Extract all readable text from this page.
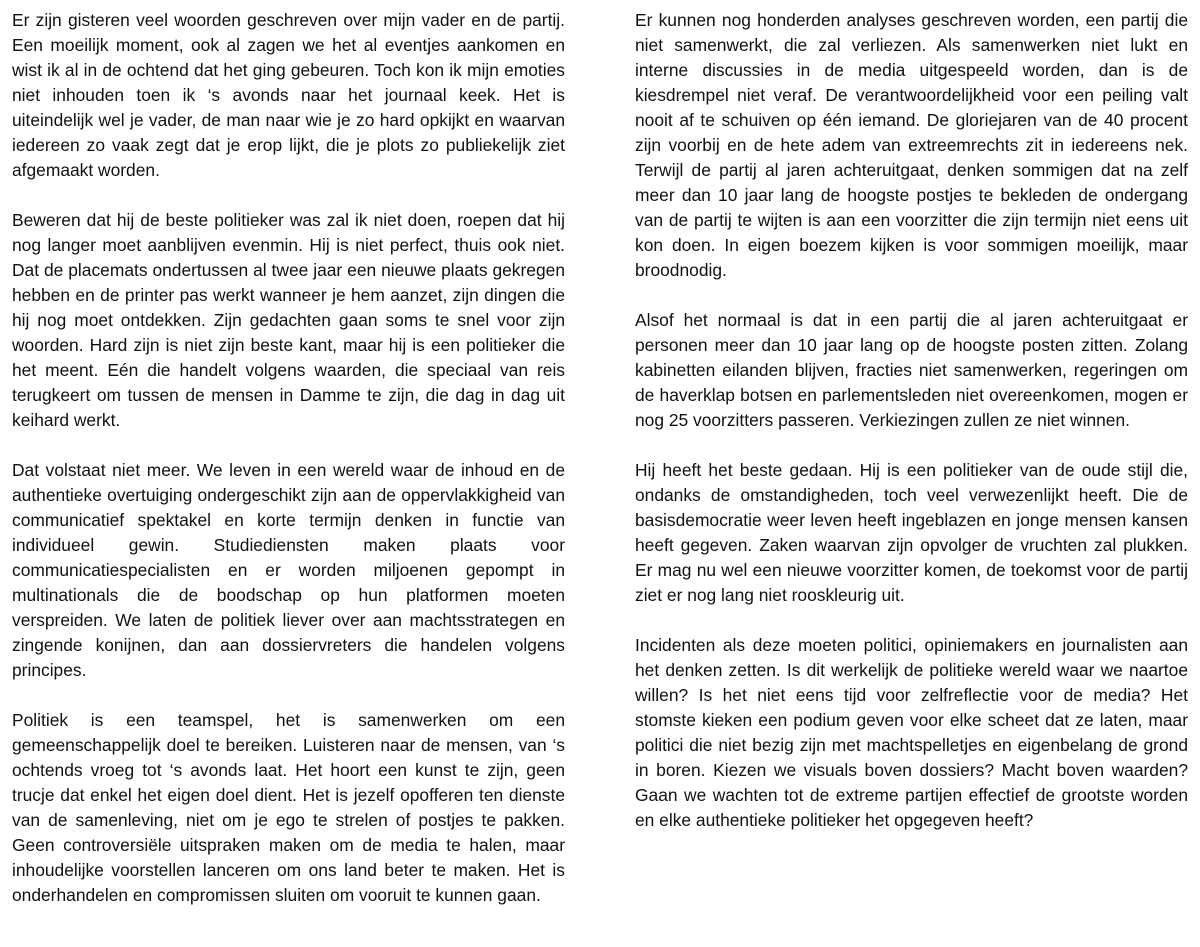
Er zijn gisteren veel woorden geschreven over mijn vader en de partij. Een moeilijk moment, ook al zagen we het al eventjes aankomen en wist ik al in de ochtend dat het ging gebeuren. Toch kon ik mijn emoties niet inhouden toen ik ‘s avonds naar het journaal keek. Het is uiteindelijk wel je vader, de man naar wie je zo hard opkijkt en waarvan iedereen zo vaak zegt dat je erop lijkt, die je plots zo publiekelijk ziet afgemaakt worden.

Beweren dat hij de beste politieker was zal ik niet doen, roepen dat hij nog langer moet aanblijven evenmin. Hij is niet perfect, thuis ook niet. Dat de placemats ondertussen al twee jaar een nieuwe plaats gekregen hebben en de printer pas werkt wanneer je hem aanzet, zijn dingen die hij nog moet ontdekken. Zijn gedachten gaan soms te snel voor zijn woorden. Hard zijn is niet zijn beste kant, maar hij is een politieker die het meent. Eén die handelt volgens waarden, die speciaal van reis terugkeert om tussen de mensen in Damme te zijn, die dag in dag uit keihard werkt.

Dat volstaat niet meer. We leven in een wereld waar de inhoud en de authentieke overtuiging ondergeschikt zijn aan de oppervlakkigheid van communicatief spektakel en korte termijn denken in functie van individueel gewin. Studiediensten maken plaats voor communicatiespecialisten en er worden miljoenen gepompt in multinationals die de boodschap op hun platformen moeten verspreiden. We laten de politiek liever over aan machtsstrategen en zingende konijnen, dan aan dossiervreters die handelen volgens principes.

Politiek is een teamspel, het is samenwerken om een gemeenschappelijk doel te bereiken. Luisteren naar de mensen, van ‘s ochtends vroeg tot ‘s avonds laat. Het hoort een kunst te zijn, geen trucje dat enkel het eigen doel dient. Het is jezelf opofferen ten dienste van de samenleving, niet om je ego te strelen of postjes te pakken. Geen controversiële uitspraken maken om de media te halen, maar inhoudelijke voorstellen lanceren om ons land beter te maken. Het is onderhandelen en compromissen sluiten om vooruit te kunnen gaan.

Er kunnen nog honderden analyses geschreven worden, een partij die niet samenwerkt, die zal verliezen. Als samenwerken niet lukt en interne discussies in de media uitgespeeld worden, dan is de kiesdrempel niet veraf. De verantwoordelijkheid voor een peiling valt nooit af te schuiven op één iemand. De gloriejaren van de 40 procent zijn voorbij en de hete adem van extreemrechts zit in iedereens nek. Terwijl de partij al jaren achteruitgaat, denken sommigen dat na zelf meer dan 10 jaar lang de hoogste postjes te bekleden de ondergang van de partij te wijten is aan een voorzitter die zijn termijn niet eens uit kon doen. In eigen boezem kijken is voor sommigen moeilijk, maar broodnodig.

Alsof het normaal is dat in een partij die al jaren achteruitgaat er personen meer dan 10 jaar lang op de hoogste posten zitten. Zolang kabinetten eilanden blijven, fracties niet samenwerken, regeringen om de haverklap botsen en parlementsleden niet overeenkomen, mogen er nog 25 voorzitters passeren. Verkiezingen zullen ze niet winnen.

Hij heeft het beste gedaan. Hij is een politieker van de oude stijl die, ondanks de omstandigheden, toch veel verwezenlijkt heeft. Die de basisdemocratie weer leven heeft ingeblazen en jonge mensen kansen heeft gegeven. Zaken waarvan zijn opvolger de vruchten zal plukken. Er mag nu wel een nieuwe voorzitter komen, de toekomst voor de partij ziet er nog lang niet rooskleurig uit.

Incidenten als deze moeten politici, opiniemakers en journalisten aan het denken zetten. Is dit werkelijk de politieke wereld waar we naartoe willen? Is het niet eens tijd voor zelfreflectie voor de media? Het stomste kieken een podium geven voor elke scheet dat ze laten, maar politici die niet bezig zijn met machtspelletjes en eigenbelang de grond in boren. Kiezen we visuals boven dossiers? Macht boven waarden? Gaan we wachten tot de extreme partijen effectief de grootste worden en elke authentieke politieker het opgegeven heeft?
